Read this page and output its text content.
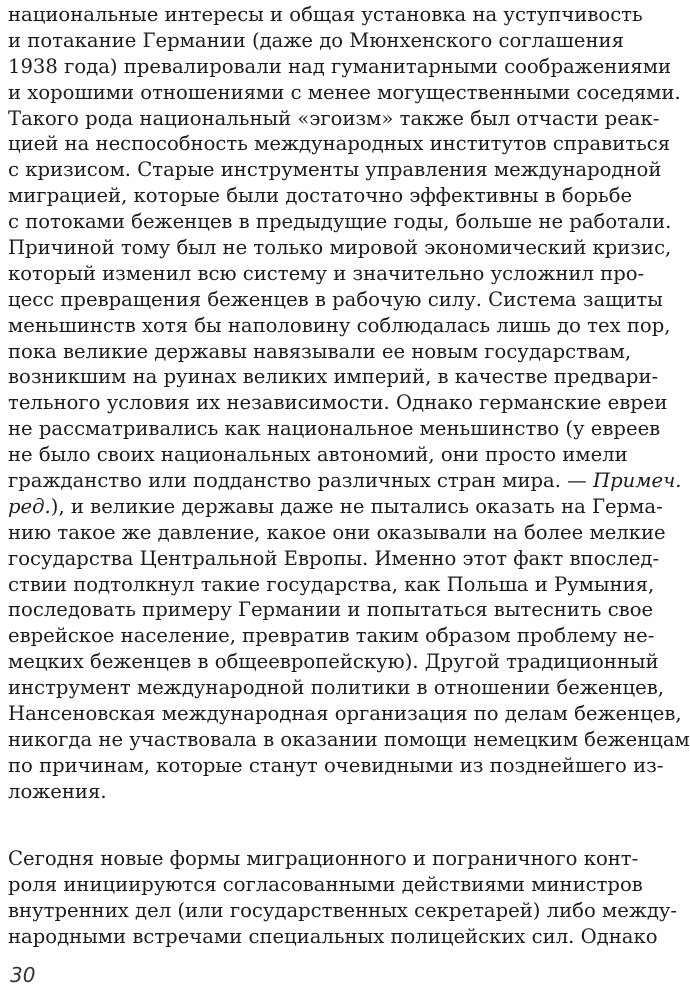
национальные интересы и общая установка на уступчивость
и потакание Германии (даже до Мюнхенского соглашения
1938 года) превалировали над гуманитарными соображениями
и хорошими отношениями с менее могущественными соседями.
Такого рода национальный «эгоизм» также был отчасти реак-
цией на неспособность международных институтов справиться
с кризисом. Старые инструменты управления международной
миграцией, которые были достаточно эффективны в борьбе
с потоками беженцев в предыдущие годы, больше не работали.
Причиной тому был не только мировой экономический кризис,
который изменил всю систему и значительно усложнил про-
цесс превращения беженцев в рабочую силу. Система защиты
меньшинств хотя бы наполовину соблюдалась лишь до тех пор,
пока великие державы навязывали ее новым государствам,
возникшим на руинах великих империй, в качестве предвари-
тельного условия их независимости. Однако германские евреи
не рассматривались как национальное меньшинство (у евреев
не было своих национальных автономий, они просто имели
гражданство или подданство различных стран мира. — Примеч.
ред.), и великие державы даже не пытались оказать на Герма-
нию такое же давление, какое они оказывали на более мелкие
государства Центральной Европы. Именно этот факт впослед-
ствии подтолкнул такие государства, как Польша и Румыния,
последовать примеру Германии и попытаться вытеснить свое
еврейское население, превратив таким образом проблему не-
мецких беженцев в общеевропейскую). Другой традиционный
инструмент международной политики в отношении беженцев,
Нансеновская международная организация по делам беженцев,
никогда не участвовала в оказании помощи немецким беженцам
по причинам, которые станут очевидными из позднейшего из-
ложения.
Сегодня новые формы миграционного и пограничного конт-
роля инициируются согласованными действиями министров
внутренних дел (или государственных секретарей) либо между-
народными встречами специальных полицейских сил. Однако
30
